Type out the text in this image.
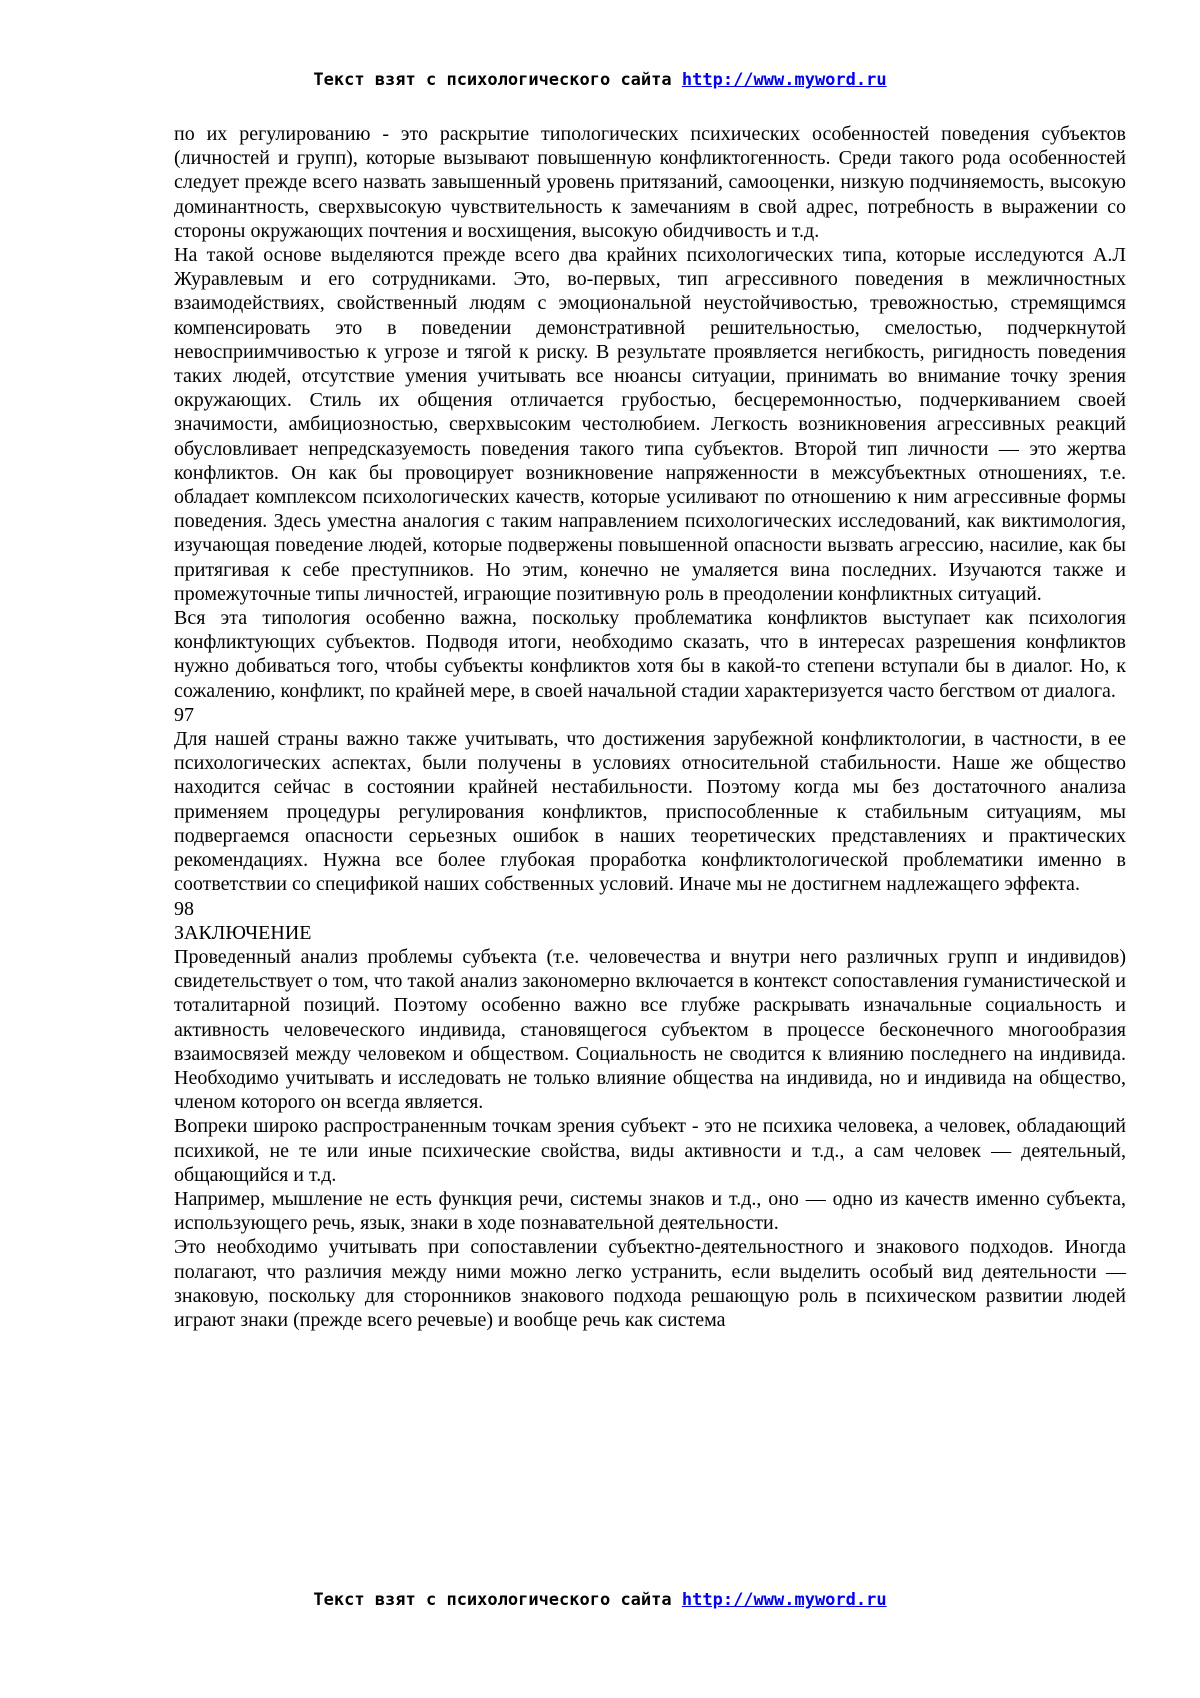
Текст взят с психологического сайта http://www.myword.ru

по их регулированию - это раскрытие типологических психических особенностей поведения субъектов (личностей и групп), которые вызывают повышенную конфликтогенность. Среди такого рода особенностей следует прежде всего назвать завышенный уровень притязаний, самооценки, низкую подчиняемость, высокую доминантность, сверхвысокую чувствительность к замечаниям в свой адрес, потребность в выражении со стороны окружающих почтения и восхищения, высокую обидчивость и т.д.

На такой основе выделяются прежде всего два крайних психологических типа, которые исследуются А.Л Журавлевым и его сотрудниками. Это, во-первых, тип агрессивного поведения в межличностных взаимодействиях, свойственный людям с эмоциональной неустойчивостью, тревожностью, стремящимся компенсировать это в поведении демонстративной решительностью, смелостью, подчеркнутой невосприимчивостью к угрозе и тягой к риску. В результате проявляется негибкость, ригидность поведения таких людей, отсутствие умения учитывать все нюансы ситуации, принимать во внимание точку зрения окружающих. Стиль их общения отличается грубостью, бесцеремонностью, подчеркиванием своей значимости, амбициозностью, сверхвысоким честолюбием. Легкость возникновения агрессивных реакций обусловливает непредсказуемость поведения такого типа субъектов. Второй тип личности — это жертва конфликтов. Он как бы провоцирует возникновение напряженности в межсубъектных отношениях, т.е. обладает комплексом психологических качеств, которые усиливают по отношению к ним агрессивные формы поведения. Здесь уместна аналогия с таким направлением психологических исследований, как виктимология, изучающая поведение людей, которые подвержены повышенной опасности вызвать агрессию, насилие, как бы притягивая к себе преступников. Но этим, конечно не умаляется вина последних. Изучаются также и промежуточные типы личностей, играющие позитивную роль в преодолении конфликтных ситуаций.

Вся эта типология особенно важна, поскольку проблематика конфликтов выступает как психология конфликтующих субъектов. Подводя итоги, необходимо сказать, что в интересах разрешения конфликтов нужно добиваться того, чтобы субъекты конфликтов хотя бы в какой-то степени вступали бы в диалог. Но, к сожалению, конфликт, по крайней мере, в своей начальной стадии характеризуется часто бегством от диалога.

97

Для нашей страны важно также учитывать, что достижения зарубежной конфликтологии, в частности, в ее психологических аспектах, были получены в условиях относительной стабильности. Наше же общество находится сейчас в состоянии крайней нестабильности. Поэтому когда мы без достаточного анализа применяем процедуры регулирования конфликтов, приспособленные к стабильным ситуациям, мы подвергаемся опасности серьезных ошибок в наших теоретических представлениях и практических рекомендациях. Нужна все более глубокая проработка конфликтологической проблематики именно в соответствии со спецификой наших собственных условий. Иначе мы не достигнем надлежащего эффекта.

98

ЗАКЛЮЧЕНИЕ

Проведенный анализ проблемы субъекта (т.е. человечества и внутри него различных групп и индивидов) свидетельствует о том, что такой анализ закономерно включается в контекст сопоставления гуманистической и тоталитарной позиций. Поэтому особенно важно все глубже раскрывать изначальные социальность и активность человеческого индивида, становящегося субъектом в процессе бесконечного многообразия взаимосвязей между человеком и обществом. Социальность не сводится к влиянию последнего на индивида. Необходимо учитывать и исследовать не только влияние общества на индивида, но и индивида на общество, членом которого он всегда является.

Вопреки широко распространенным точкам зрения субъект - это не психика человека, а человек, обладающий психикой, не те или иные психические свойства, виды активности и т.д., а сам человек — деятельный, общающийся и т.д.

Например, мышление не есть функция речи, системы знаков и т.д., оно — одно из качеств именно субъекта, использующего речь, язык, знаки в ходе познавательной деятельности.

Это необходимо учитывать при сопоставлении субъектно-деятельностного и знакового подходов. Иногда полагают, что различия между ними можно легко устранить, если выделить особый вид деятельности — знаковую, поскольку для сторонников знакового подхода решающую роль в психическом развитии людей играют знаки (прежде всего речевые) и вообще речь как система

Текст взят с психологического сайта http://www.myword.ru
